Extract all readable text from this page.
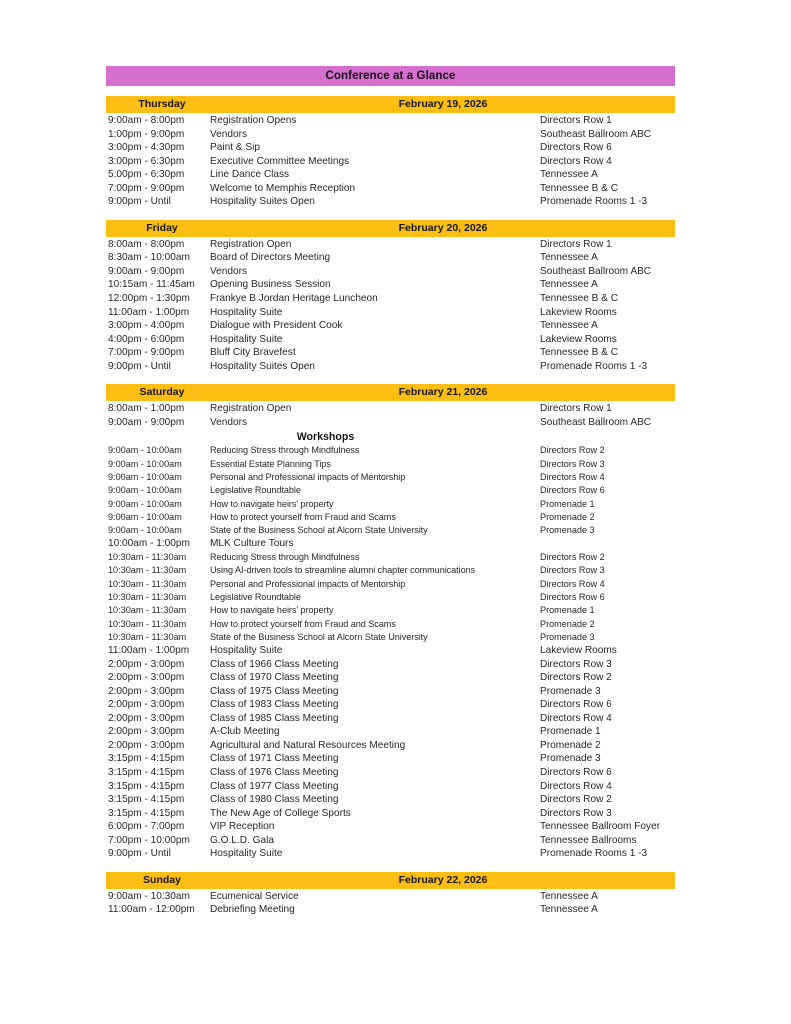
Conference at a Glance
Thursday	February 19, 2026
9:00am - 8:00pm	Registration Opens	Directors Row 1
1:00pm - 9:00pm	Vendors	Southeast Ballroom ABC
3:00pm - 4:30pm	Paint & Sip	Directors Row 6
3:00pm - 6:30pm	Executive Committee Meetings	Directors Row 4
5:00pm - 6:30pm	Line Dance Class	Tennessee A
7:00pm - 9:00pm	Welcome to Memphis Reception	Tennessee B & C
9:00pm - Until	Hospitality Suites Open	Promenade Rooms 1 -3
Friday	February 20, 2026
8:00am - 8:00pm	Registration Open	Directors Row 1
8:30am - 10:00am	Board of Directors Meeting	Tennessee A
9:00am - 9:00pm	Vendors	Southeast Ballroom ABC
10:15am - 11:45am	Opening Business Session	Tennessee A
12:00pm - 1:30pm	Frankye B Jordan Heritage Luncheon	Tennessee B & C
11:00am - 1:00pm	Hospitality Suite	Lakeview Rooms
3:00pm - 4:00pm	Dialogue with President Cook	Tennessee A
4:00pm - 6:00pm	Hospitality Suite	Lakeview Rooms
7:00pm - 9:00pm	Bluff City Bravefest	Tennessee B & C
9:00pm - Until	Hospitality Suites Open	Promenade Rooms 1 -3
Saturday	February 21, 2026
8:00am - 1:00pm	Registration Open	Directors Row 1
9:00am - 9:00pm	Vendors	Southeast Ballroom ABC
Workshops
9:00am - 10:00am	Reducing Stress through Mindfulness	Directors Row 2
9:00am - 10:00am	Essential Estate Planning Tips	Directors Row 3
9:00am - 10:00am	Personal and Professional impacts of Mentorship	Directors Row 4
9:00am - 10:00am	Legislative Roundtable	Directors Row 6
9:00am - 10:00am	How to navigate heirs' property	Promenade 1
9:00am - 10:00am	How to protect yourself from Fraud and Scams	Promenade 2
9:00am - 10:00am	State of the Business School at Alcorn State University	Promenade 3
10:00am - 1:00pm	MLK Culture Tours
10:30am - 11:30am	Reducing Stress through Mindfulness	Directors Row 2
10:30am - 11:30am	Using AI-driven tools to streamline alumni chapter communications	Directors Row 3
10:30am - 11:30am	Personal and Professional impacts of Mentorship	Directors Row 4
10:30am - 11:30am	Legislative Roundtable	Directors Row 6
10:30am - 11:30am	How to navigate heirs' property	Promenade 1
10:30am - 11:30am	How to protect yourself from Fraud and Scams	Promenade 2
10:30am - 11:30am	State of the Business School at Alcorn State University	Promenade 3
11:00am - 1:00pm	Hospitality Suite	Lakeview Rooms
2:00pm - 3:00pm	Class of 1966 Class Meeting	Directors Row 3
2:00pm - 3:00pm	Class of 1970 Class Meeting	Directors Row 2
2:00pm - 3:00pm	Class of 1975 Class Meeting	Promenade 3
2:00pm - 3:00pm	Class of 1983 Class Meeting	Directors Row 6
2:00pm - 3:00pm	Class of 1985 Class Meeting	Directors Row 4
2:00pm - 3:00pm	A-Club Meeting	Promenade 1
2:00pm - 3:00pm	Agricultural and Natural Resources Meeting	Promenade 2
3:15pm - 4:15pm	Class of 1971 Class Meeting	Promenade 3
3:15pm - 4:15pm	Class of 1976 Class Meeting	Directors Row 6
3:15pm - 4:15pm	Class of 1977 Class Meeting	Directors Row 4
3:15pm - 4:15pm	Class of 1980 Class Meeting	Directors Row 2
3:15pm - 4:15pm	The New Age of College Sports	Directors Row 3
6:00pm - 7:00pm	VIP Reception	Tennessee Ballroom Foyer
7:00pm - 10:00pm	G.O.L.D. Gala	Tennessee Ballrooms
9:00pm - Until	Hospitality Suite	Promenade Rooms 1 -3
Sunday	February 22, 2026
9:00am - 10:30am	Ecumenical Service	Tennessee A
11:00am - 12:00pm	Debriefing Meeting	Tennessee A
